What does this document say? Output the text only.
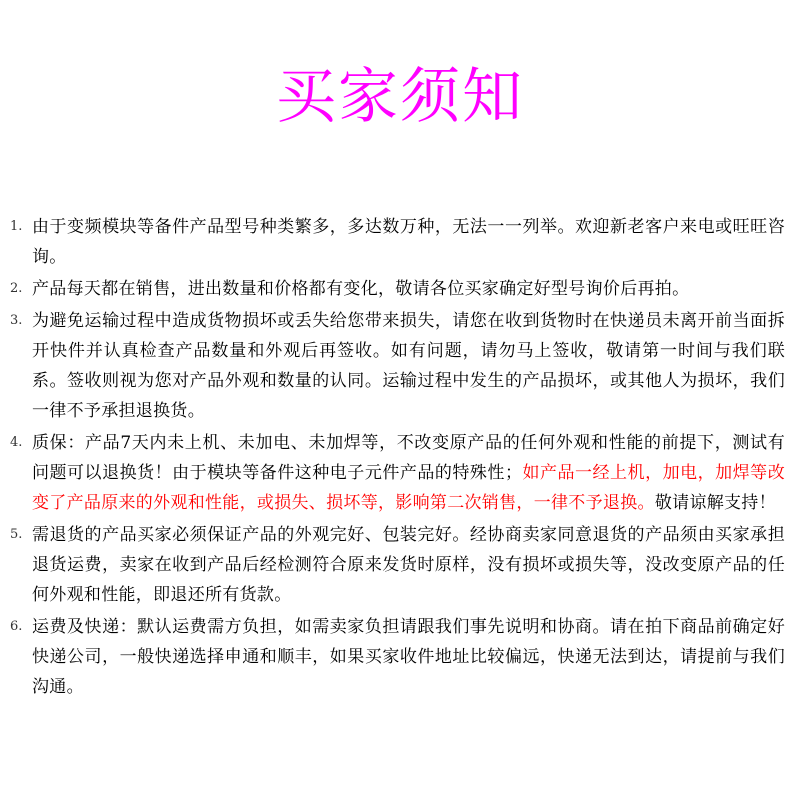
买家须知
1. 由于变频模块等备件产品型号种类繁多，多达数万种，无法一一列举。欢迎新老客户来电或旺旺咨询。
2. 产品每天都在销售，进出数量和价格都有变化，敬请各位买家确定好型号询价后再拍。
3. 为避免运输过程中造成货物损坏或丢失给您带来损失，请您在收到货物时在快递员未离开前当面拆开快件并认真检查产品数量和外观后再签收。如有问题，请勿马上签收，敬请第一时间与我们联系。签收则视为您对产品外观和数量的认同。运输过程中发生的产品损坏，或其他人为损坏，我们一律不予承担退换货。
4. 质保：产品7天内未上机、未加电、未加焊等，不改变原产品的任何外观和性能的前提下，测试有问题可以退换货！由于模块等备件这种电子元件产品的特殊性；如产品一经上机，加电，加焊等改变了产品原来的外观和性能，或损失、损坏等，影响第二次销售，一律不予退换。敬请谅解支持！
5. 需退货的产品买家必须保证产品的外观完好、包装完好。经协商卖家同意退货的产品须由买家承担退货运费，卖家在收到产品后经检测符合原来发货时原样，没有损坏或损失等，没改变原产品的任何外观和性能，即退还所有货款。
6. 运费及快递：默认运费需方负担，如需卖家负担请跟我们事先说明和协商。请在拍下商品前确定好快递公司，一般快递选择申通和顺丰，如果买家收件地址比较偏远，快递无法到达，请提前与我们沟通。
